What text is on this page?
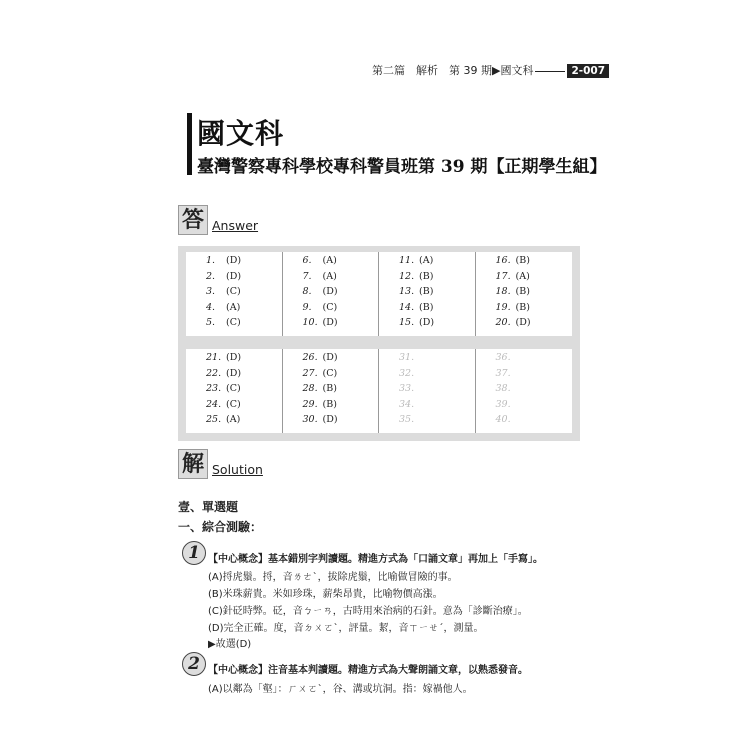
第二篇　解析　第 39 期▶國文科	2-007
國文科
臺灣警察專科學校專科警員班第 39 期【正期學生組】
答 Answer
1. (D)
2. (D)
3. (C)
4. (A)
5. (C)
6. (A)
7. (A)
8. (D)
9. (C)
10. (D)
11. (A)
12. (B)
13. (B)
14. (B)
15. (D)
16. (B)
17. (A)
18. (B)
19. (B)
20. (D)
21. (D)
22. (D)
23. (C)
24. (C)
25. (A)
26. (D)
27. (C)
28. (B)
29. (B)
30. (D)
31.
32.
33.
34.
35.
36.
37.
38.
39.
40.
解 Solution
壹、單選題
一、綜合測驗：
1 【中心概念】基本錯別字判讀題。精進方式為「口誦文章」再加上「手寫」。
(A)捋虎鬚。捋，音ㄌㄜˋ，拔除虎鬚，比喻做冒險的事。
(B)米珠薪貴。米如珍珠，薪柴昂貴，比喻物價高漲。
(C)針砭時弊。砭，音ㄅㄧㄢ，古時用來治病的石針。意為「診斷治療」。
(D)完全正確。度，音ㄉㄨㄛˋ，評量。絜，音ㄒㄧㄝˊ，測量。
▶故選(D)
2 【中心概念】注音基本判讀題。精進方式為大聲朗誦文章，以熟悉發音。
(A)以鄰為「壑」：ㄏㄨㄛˋ，谷、溝或坑洞。指：嫁禍他人。
